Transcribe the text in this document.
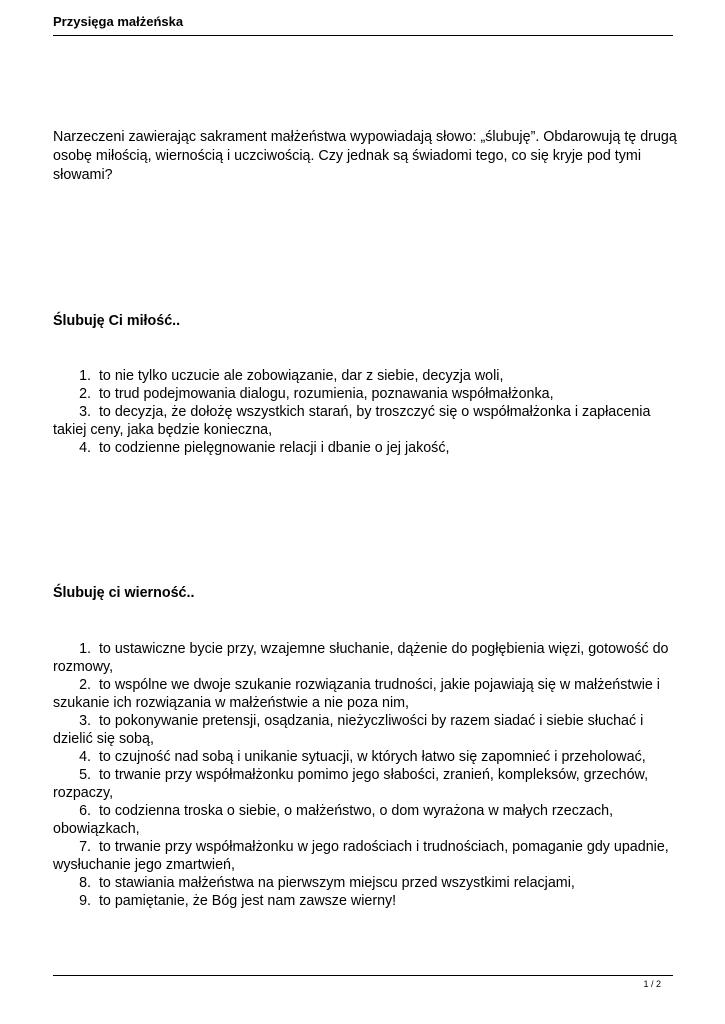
Przysięga małżeńska

Narzeczeni zawierając sakrament małżeństwa wypowiadają słowo: „ślubuję”. Obdarowują tę drugą osobę miłością, wiernością i uczciwością. Czy jednak są świadomi tego, co się kryje pod tymi słowami?

Ślubuję Ci miłość..
1. to nie tylko uczucie ale zobowiązanie, dar z siebie, decyzja woli,
2. to trud podejmowania dialogu, rozumienia, poznawania współmałżonka,
3. to decyzja, że dołożę wszystkich starań, by troszczyć się o współmałżonka i zapłacenia takiej ceny, jaka będzie konieczna,
4. to codzienne pielęgnowanie relacji i dbanie o jej jakość,
Ślubuję ci wierność..
1. to ustawiczne bycie przy, wzajemne słuchanie, dążenie do pogłębienia więzi, gotowość do rozmowy,
2. to wspólne we dwoje szukanie rozwiązania trudności, jakie pojawiają się w małżeństwie i szukanie ich rozwiązania w małżeństwie a nie poza nim,
3. to pokonywanie pretensji, osądzania, nieżyczliwości by razem siadać i siebie słuchać i dzielić się sobą,
4. to czujność nad sobą i unikanie sytuacji, w których łatwo się zapomnieć i przeholować,
5. to trwanie przy współmałżonku pomimo jego słabości, zranień, kompleksów, grzechów, rozpaczy,
6. to codzienna troska o siebie, o małżeństwo, o dom wyrażona w małych rzeczach, obowiązkach,
7. to trwanie przy współmałżonku w jego radościach i trudnościach, pomaganie gdy upadnie, wysłuchanie jego zmartwień,
8. to stawiania małżeństwa na pierwszym miejscu przed wszystkimi relacjami,
9. to pamiętanie, że Bóg jest nam zawsze wierny!
1 / 2
